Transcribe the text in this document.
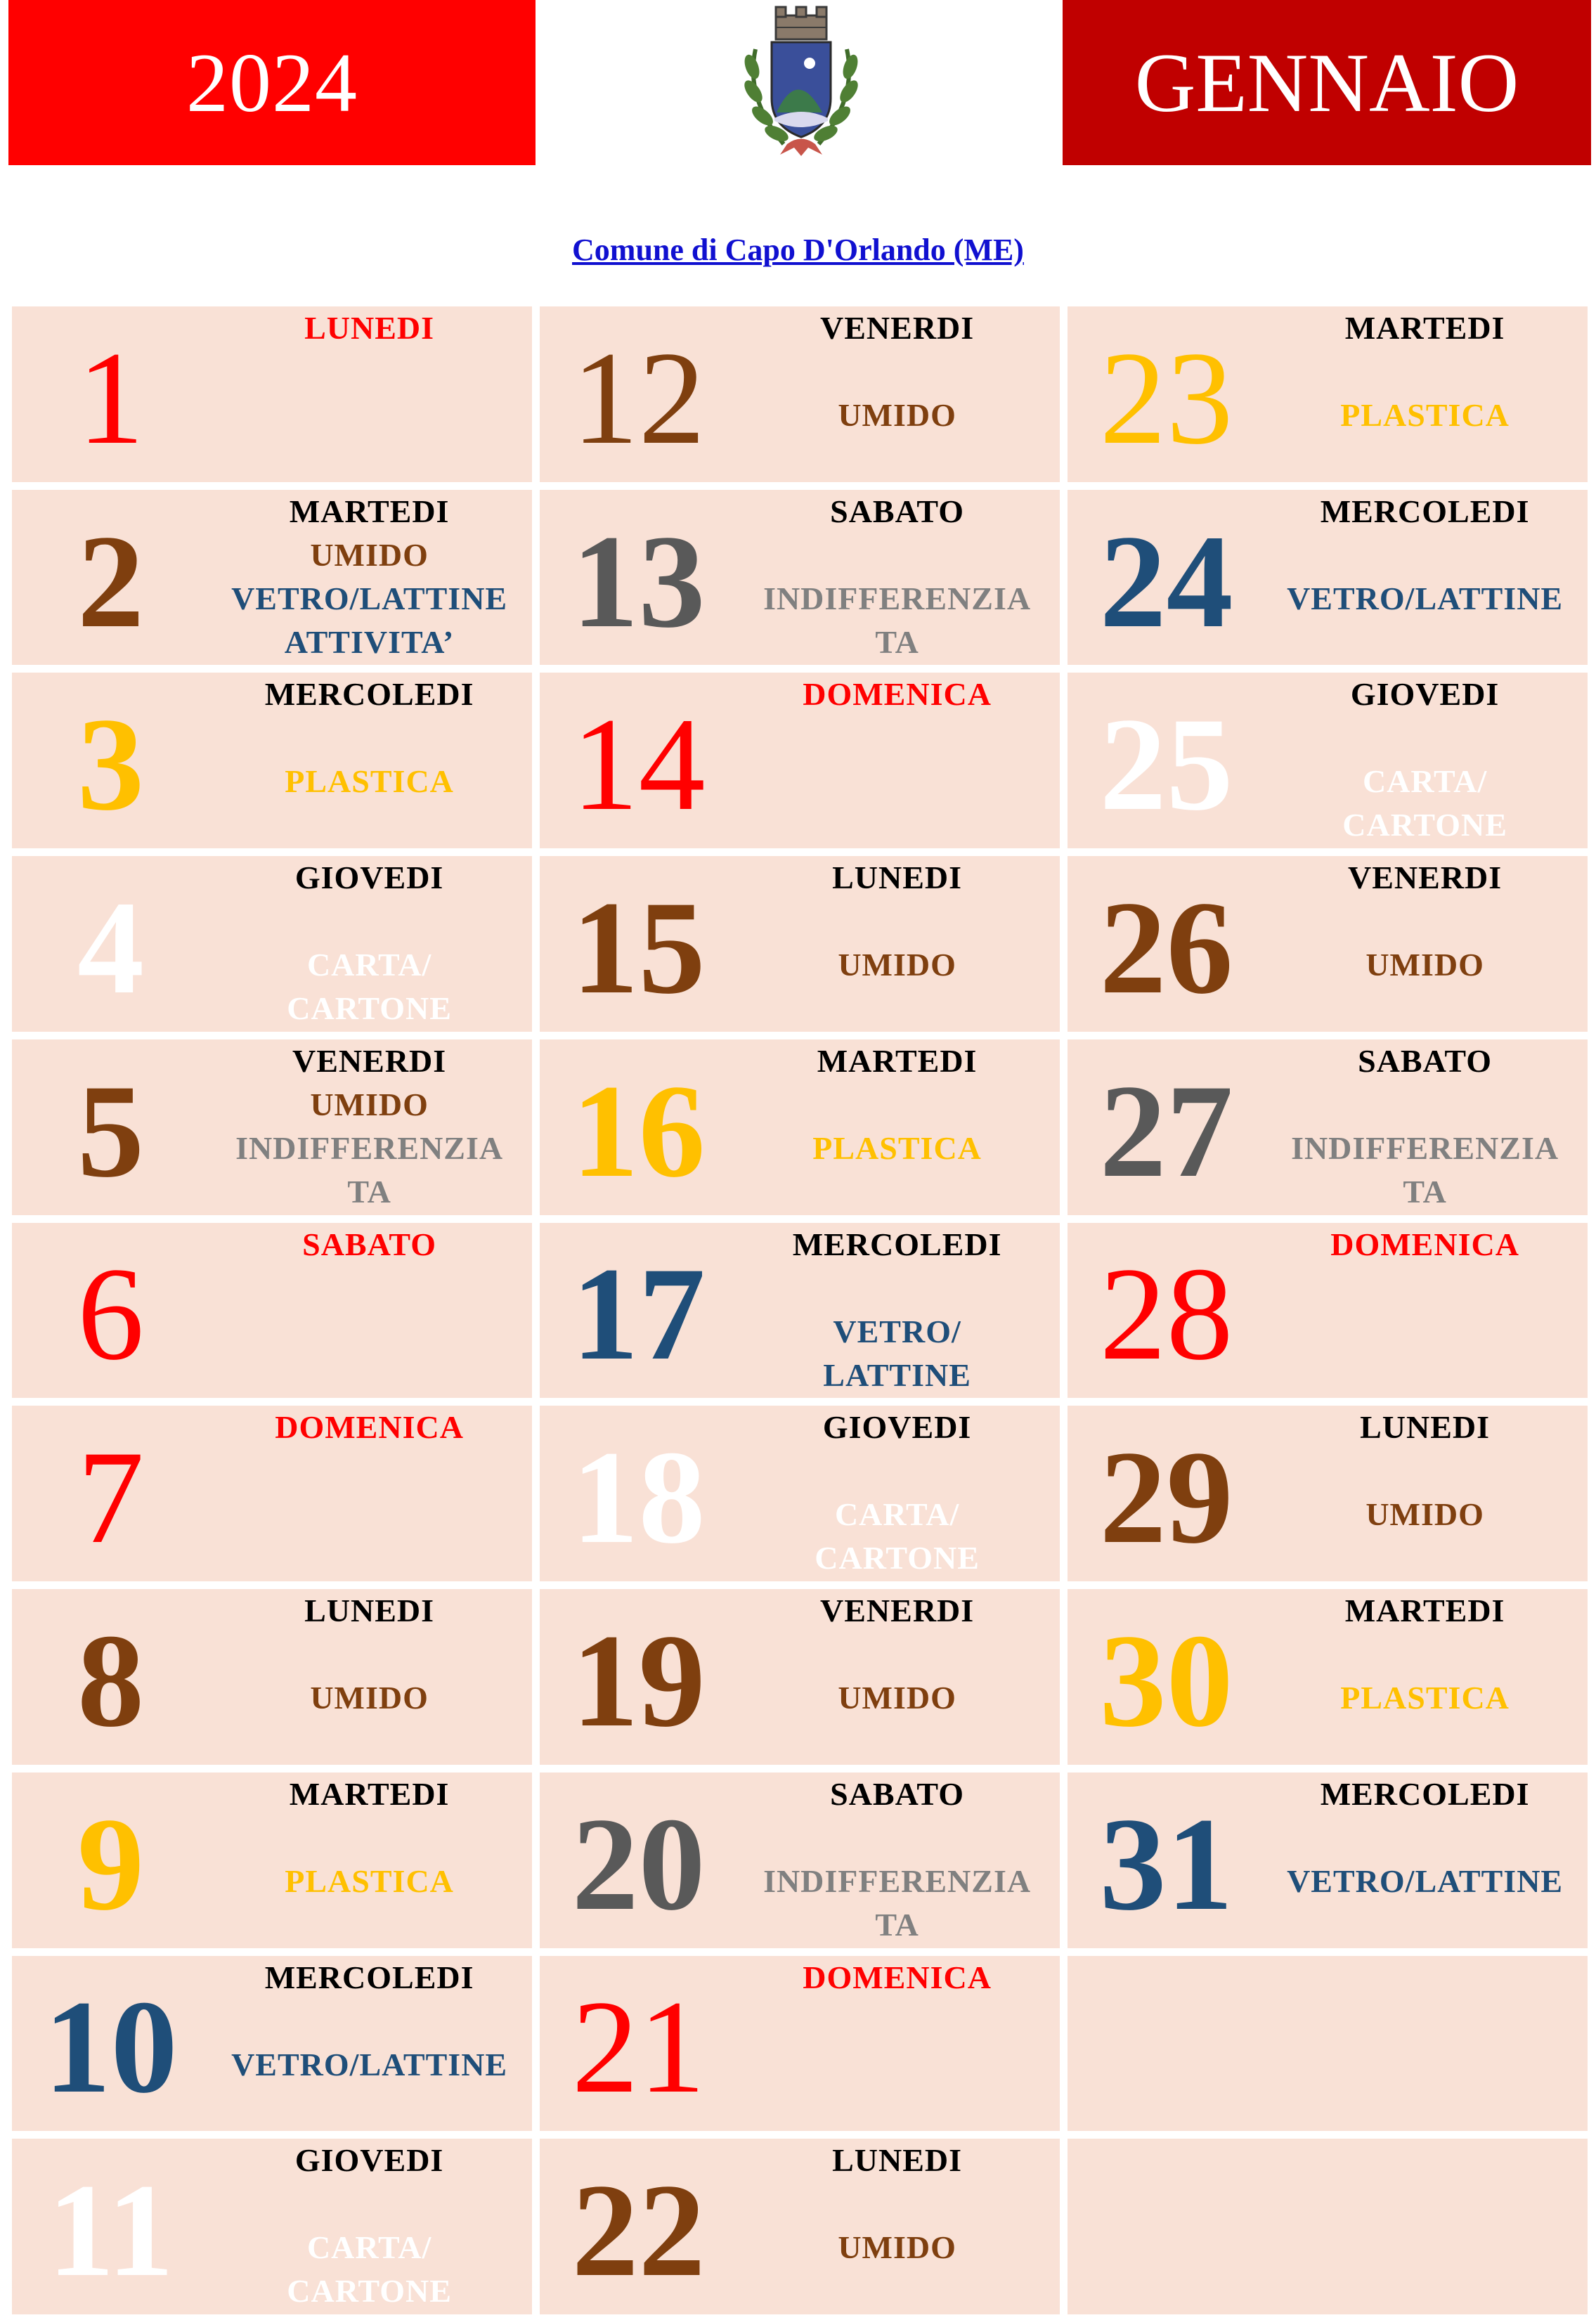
2024	GENNAIO
Comune di Capo D'Orlando (ME)
1	LUNEDI
2	MARTEDI
UMIDO
VETRO/LATTINE
ATTIVITA’
3	MERCOLEDI
PLASTICA
4	GIOVEDI
CARTA/
CARTONE
5	VENERDI
UMIDO
INDIFFERENZIA
TA
6	SABATO
7	DOMENICA
8	LUNEDI
UMIDO
9	MARTEDI
PLASTICA
10	MERCOLEDI
VETRO/LATTINE
11	GIOVEDI
CARTA/
CARTONE
12	VENERDI
UMIDO
13	SABATO
INDIFFERENZIA
TA
14	DOMENICA
15	LUNEDI
UMIDO
16	MARTEDI
PLASTICA
17	MERCOLEDI
VETRO/
LATTINE
18	GIOVEDI
CARTA/
CARTONE
19	VENERDI
UMIDO
20	SABATO
INDIFFERENZIA
TA
21	DOMENICA
22	LUNEDI
UMIDO
23	MARTEDI
PLASTICA
24	MERCOLEDI
VETRO/LATTINE
25	GIOVEDI
CARTA/
CARTONE
26	VENERDI
UMIDO
27	SABATO
INDIFFERENZIA
TA
28	DOMENICA
29	LUNEDI
UMIDO
30	MARTEDI
PLASTICA
31	MERCOLEDI
VETRO/LATTINE
